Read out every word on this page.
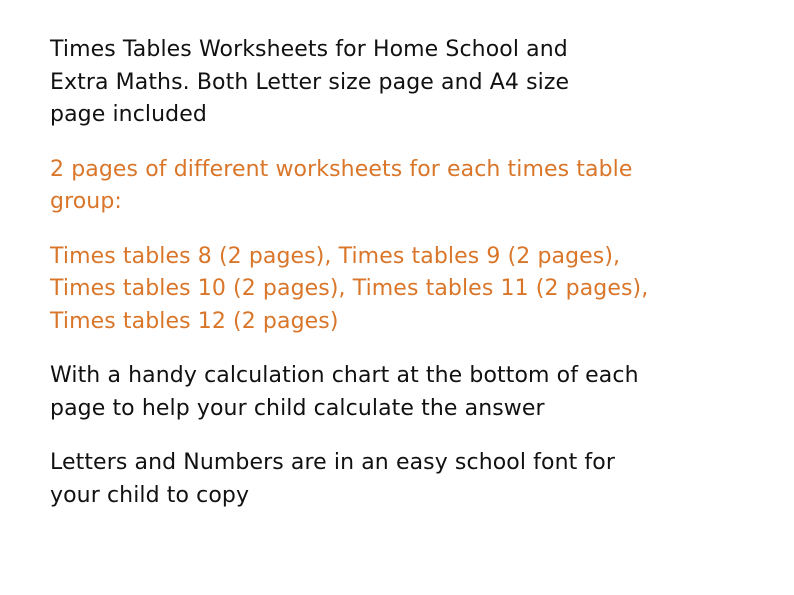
Times Tables Worksheets for Home School and
Extra Maths. Both Letter size page and A4 size
page included

2 pages of different worksheets for each times table
group:

Times tables 8 (2 pages), Times tables 9 (2 pages),
Times tables 10 (2 pages), Times tables 11 (2 pages),
Times tables 12 (2 pages)

With a handy calculation chart at the bottom of each
page to help your child calculate the answer

Letters and Numbers are in an easy school font for
your child to copy
